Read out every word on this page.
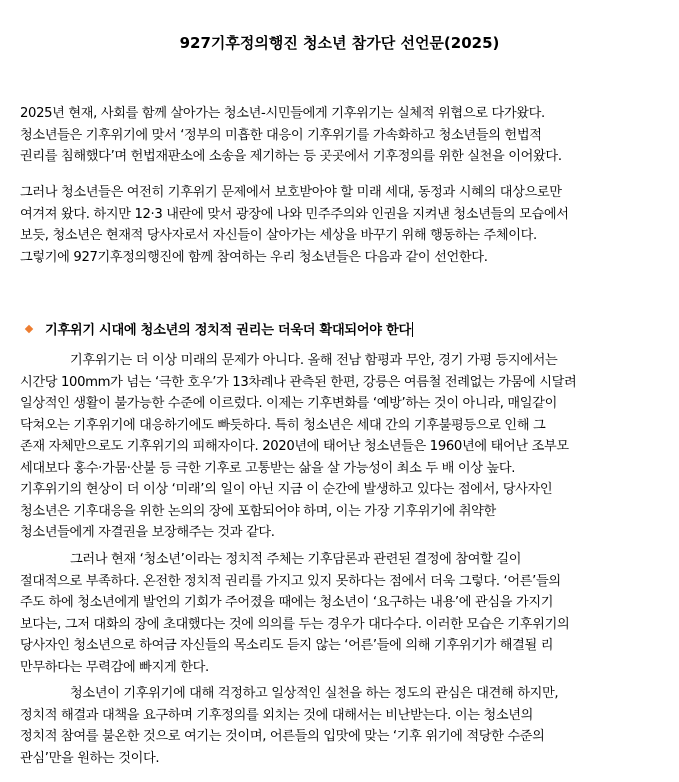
927기후정의행진 청소년 참가단 선언문(2025)

2025년 현재, 사회를 함께 살아가는 청소년-시민들에게 기후위기는 실체적 위협으로 다가왔다.
청소년들은 기후위기에 맞서 ‘정부의 미흡한 대응이 기후위기를 가속화하고 청소년들의 헌법적
권리를 침해했다’며 헌법재판소에 소송을 제기하는 등 곳곳에서 기후정의를 위한 실천을 이어왔다.

그러나 청소년들은 여전히 기후위기 문제에서 보호받아야 할 미래 세대, 동정과 시혜의 대상으로만
여겨져 왔다. 하지만 12·3 내란에 맞서 광장에 나와 민주주의와 인권을 지켜낸 청소년들의 모습에서
보듯, 청소년은 현재적 당사자로서 자신들이 살아가는 세상을 바꾸기 위해 행동하는 주체이다.
그렇기에 927기후정의행진에 함께 참여하는 우리 청소년들은 다음과 같이 선언한다.

기후위기 시대에 청소년의 정치적 권리는 더욱더 확대되어야 한다

기후위기는 더 이상 미래의 문제가 아니다. 올해 전남 함평과 무안, 경기 가평 등지에서는
시간당 100mm가 넘는 ‘극한 호우’가 13차례나 관측된 한편, 강릉은 여름철 전례없는 가뭄에 시달려
일상적인 생활이 불가능한 수준에 이르렀다. 이제는 기후변화를 ‘예방’하는 것이 아니라, 매일같이
닥쳐오는 기후위기에 대응하기에도 빠듯하다. 특히 청소년은 세대 간의 기후불평등으로 인해 그
존재 자체만으로도 기후위기의 피해자이다. 2020년에 태어난 청소년들은 1960년에 태어난 조부모
세대보다 홍수·가뭄·산불 등 극한 기후로 고통받는 삶을 살 가능성이 최소 두 배 이상 높다.
기후위기의 현상이 더 이상 ‘미래’의 일이 아닌 지금 이 순간에 발생하고 있다는 점에서, 당사자인
청소년은 기후대응을 위한 논의의 장에 포함되어야 하며, 이는 가장 기후위기에 취약한
청소년들에게 자결권을 보장해주는 것과 같다.

그러나 현재 ‘청소년’이라는 정치적 주체는 기후담론과 관련된 결정에 참여할 길이
절대적으로 부족하다. 온전한 정치적 권리를 가지고 있지 못하다는 점에서 더욱 그렇다. ‘어른’들의
주도 하에 청소년에게 발언의 기회가 주어졌을 때에는 청소년이 ‘요구하는 내용’에 관심을 가지기
보다는, 그저 대화의 장에 초대했다는 것에 의의를 두는 경우가 대다수다. 이러한 모습은 기후위기의
당사자인 청소년으로 하여금 자신들의 목소리도 듣지 않는 ‘어른’들에 의해 기후위기가 해결될 리
만무하다는 무력감에 빠지게 한다.

청소년이 기후위기에 대해 걱정하고 일상적인 실천을 하는 정도의 관심은 대견해 하지만,
정치적 해결과 대책을 요구하며 기후정의를 외치는 것에 대해서는 비난받는다. 이는 청소년의
정치적 참여를 불온한 것으로 여기는 것이며, 어른들의 입맛에 맞는 ‘기후 위기에 적당한 수준의
관심’만을 원하는 것이다.
